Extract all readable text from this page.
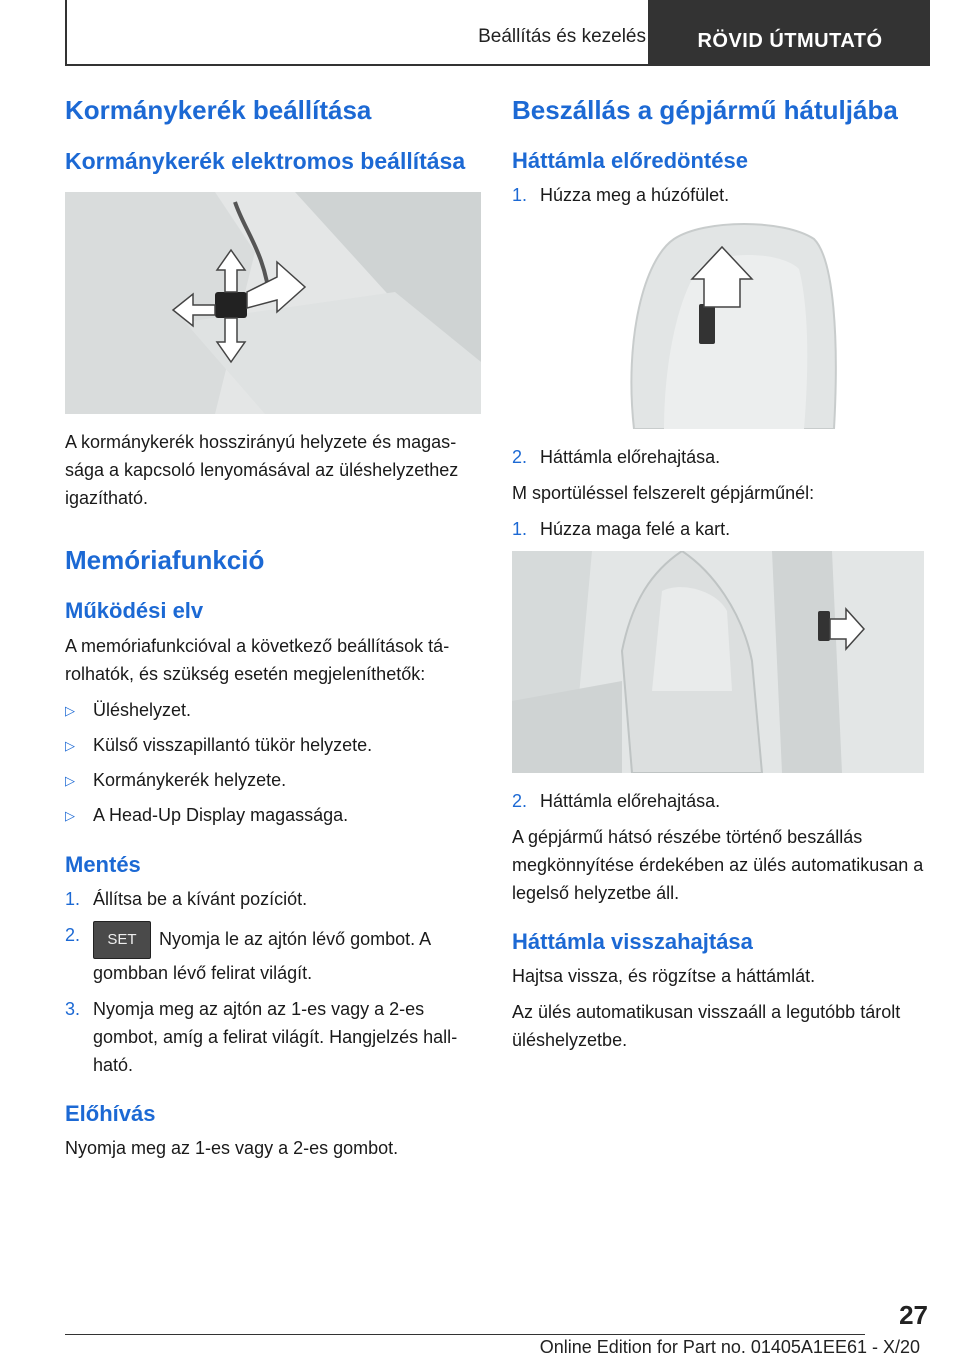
Beállítás és kezelés	RÖVID ÚTMUTATÓ
Kormánykerék beállítása
Kormánykerék elektromos beállítása
A kormánykerék hosszirányú helyzete és magassága a kapcsoló lenyomásával az üléshelyzethez igazítható.
Memóriafunkció
Működési elv
A memóriafunkcióval a következő beállítások tárolhatók, és szükség esetén megjeleníthetők:
▷	Üléshelyzet.
▷	Külső visszapillantó tükör helyzete.
▷	Kormánykerék helyzete.
▷	A Head-Up Display magassága.
Mentés
1. Állítsa be a kívánt pozíciót.
2.	SET Nyomja le az ajtón lévő gombot. A gombban lévő felirat világít.
3. Nyomja meg az ajtón az 1-es vagy a 2-es gombot, amíg a felirat világít. Hangjelzés hallható.
Előhívás
Nyomja meg az 1-es vagy a 2-es gombot.
Beszállás a gépjármű hátuljába
Háttámla előredöntése
1. Húzza meg a húzófület.
2. Háttámla előrehajtása.
M sportüléssel felszerelt gépjárműnél:
1. Húzza maga felé a kart.
2. Háttámla előrehajtása.
A gépjármű hátsó részébe történő beszállás megkönnyítése érdekében az ülés automatikusan a legelső helyzetbe áll.
Háttámla visszahajtása
Hajtsa vissza, és rögzítse a háttámlát.
Az ülés automatikusan visszaáll a legutóbb tárolt üléshelyzetbe.
27
Online Edition for Part no. 01405A1EE61 - X/20
